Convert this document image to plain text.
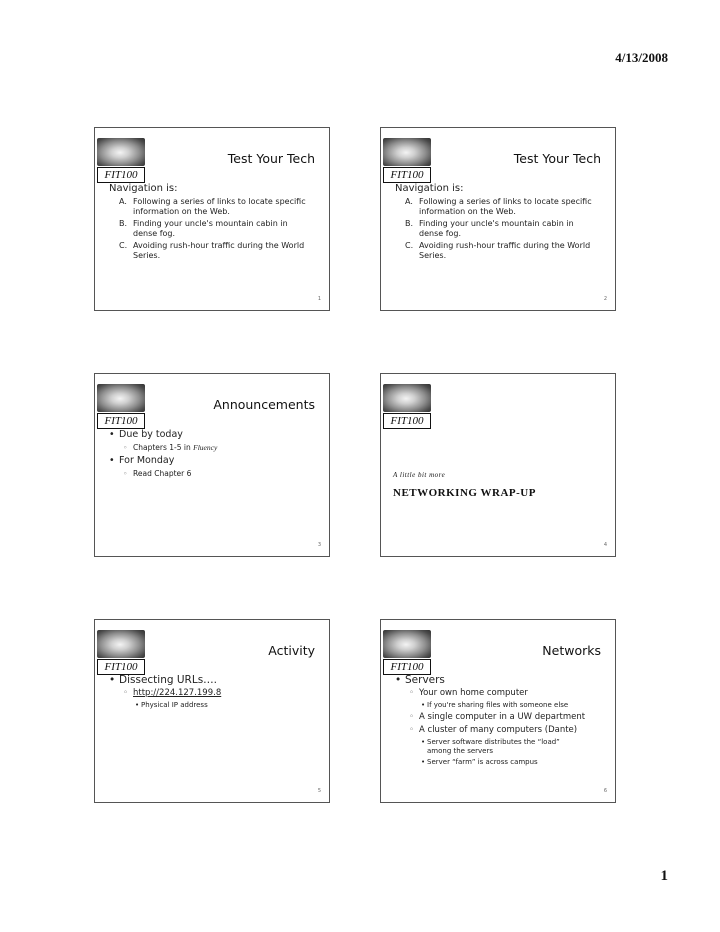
4/13/2008
FIT100
Test Your Tech
Navigation is:
A. Following a series of links to locate specific information on the Web.
B. Finding your uncle's mountain cabin in dense fog.
C. Avoiding rush-hour traffic during the World Series.
1
FIT100
Test Your Tech
Navigation is:
A. Following a series of links to locate specific information on the Web.
B. Finding your uncle's mountain cabin in dense fog.
C. Avoiding rush-hour traffic during the World Series.
2
FIT100
Announcements
• Due by today
◦ Chapters 1-5 in Fluency
• For Monday
◦ Read Chapter 6
3
FIT100
A little bit more
NETWORKING WRAP-UP
4
FIT100
Activity
• Dissecting URLs….
◦ http://224.127.199.8
• Physical IP address
5
FIT100
Networks
• Servers
◦ Your own home computer
• If you're sharing files with someone else
◦ A single computer in a UW department
◦ A cluster of many computers (Dante)
• Server software distributes the “load” among the servers
• Server “farm” is across campus
6
1
